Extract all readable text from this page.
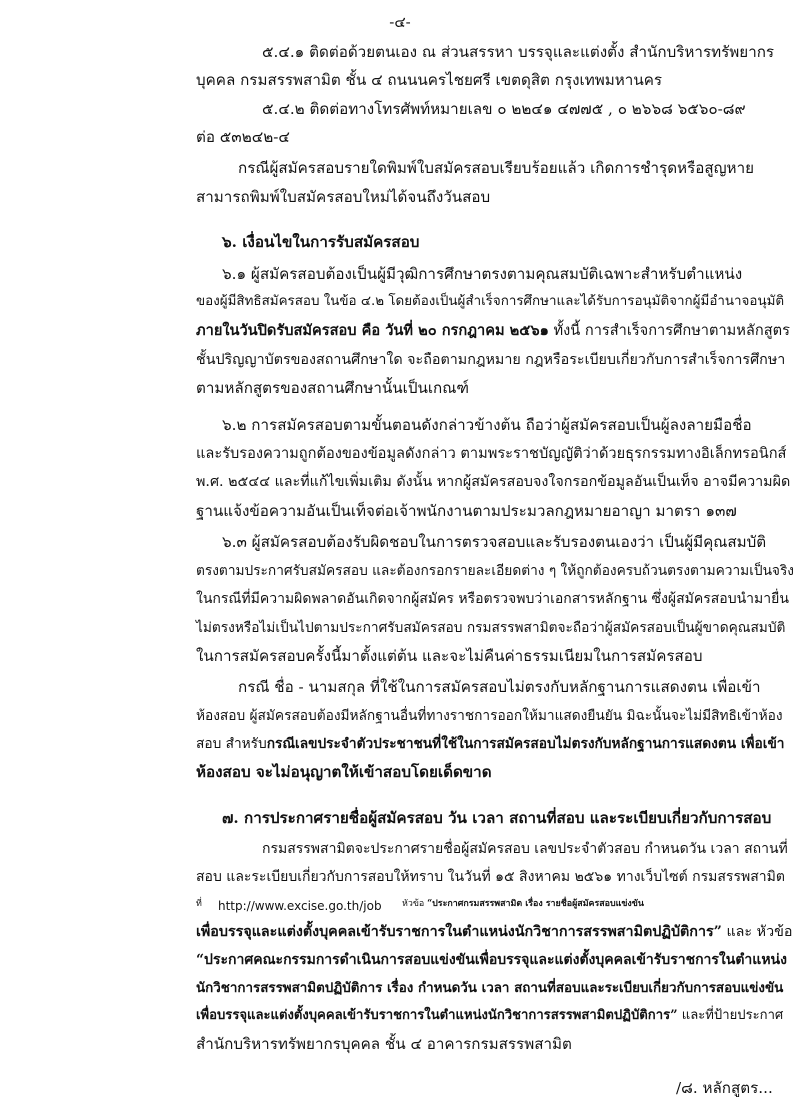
-๔-
๕.๔.๑ ติดต่อด้วยตนเอง ณ ส่วนสรรหา บรรจุและแต่งตั้ง สำนักบริหารทรัพยากร
บุคคล กรมสรรพสามิต ชั้น ๔ ถนนนครไชยศรี เขตดุสิต กรุงเทพมหานคร
๕.๔.๒ ติดต่อทางโทรศัพท์หมายเลข ๐ ๒๒๔๑ ๔๗๗๕ , ๐ ๒๖๖๘ ๖๕๖๐-๘๙
ต่อ ๕๓๒๔๒-๔
กรณีผู้สมัครสอบรายใดพิมพ์ใบสมัครสอบเรียบร้อยแล้ว เกิดการชำรุดหรือสูญหาย
สามารถพิมพ์ใบสมัครสอบใหม่ได้จนถึงวันสอบ
๖. เงื่อนไขในการรับสมัครสอบ
๖.๑ ผู้สมัครสอบต้องเป็นผู้มีวุฒิการศึกษาตรงตามคุณสมบัติเฉพาะสำหรับตำแหน่ง
ของผู้มีสิทธิสมัครสอบ ในข้อ ๔.๒ โดยต้องเป็นผู้สำเร็จการศึกษาและได้รับการอนุมัติจากผู้มีอำนาจอนุมัติ
ภายในวันปิดรับสมัครสอบ คือ วันที่ ๒๐ กรกฎาคม ๒๕๖๑ ทั้งนี้ การสำเร็จการศึกษาตามหลักสูตร
ชั้นปริญญาบัตรของสถานศึกษาใด จะถือตามกฎหมาย กฎหรือระเบียบเกี่ยวกับการสำเร็จการศึกษา
ตามหลักสูตรของสถานศึกษานั้นเป็นเกณฑ์
๖.๒ การสมัครสอบตามขั้นตอนดังกล่าวข้างต้น ถือว่าผู้สมัครสอบเป็นผู้ลงลายมือชื่อ
และรับรองความถูกต้องของข้อมูลดังกล่าว ตามพระราชบัญญัติว่าด้วยธุรกรรมทางอิเล็กทรอนิกส์
พ.ศ. ๒๕๔๔ และที่แก้ไขเพิ่มเติม ดังนั้น หากผู้สมัครสอบจงใจกรอกข้อมูลอันเป็นเท็จ อาจมีความผิด
ฐานแจ้งข้อความอันเป็นเท็จต่อเจ้าพนักงานตามประมวลกฎหมายอาญา มาตรา ๑๓๗
๖.๓ ผู้สมัครสอบต้องรับผิดชอบในการตรวจสอบและรับรองตนเองว่า เป็นผู้มีคุณสมบัติ
ตรงตามประกาศรับสมัครสอบ และต้องกรอกรายละเอียดต่าง ๆ ให้ถูกต้องครบถ้วนตรงตามความเป็นจริง
ในกรณีที่มีความผิดพลาดอันเกิดจากผู้สมัคร หรือตรวจพบว่าเอกสารหลักฐาน ซึ่งผู้สมัครสอบนำมายื่น
ไม่ตรงหรือไม่เป็นไปตามประกาศรับสมัครสอบ กรมสรรพสามิตจะถือว่าผู้สมัครสอบเป็นผู้ขาดคุณสมบัติ
ในการสมัครสอบครั้งนี้มาตั้งแต่ต้น และจะไม่คืนค่าธรรมเนียมในการสมัครสอบ
กรณี ชื่อ - นามสกุล ที่ใช้ในการสมัครสอบไม่ตรงกับหลักฐานการแสดงตน เพื่อเข้า
ห้องสอบ ผู้สมัครสอบต้องมีหลักฐานอื่นที่ทางราชการออกให้มาแสดงยืนยัน มิฉะนั้นจะไม่มีสิทธิเข้าห้อง
สอบ สำหรับกรณีเลขประจำตัวประชาชนที่ใช้ในการสมัครสอบไม่ตรงกับหลักฐานการแสดงตน เพื่อเข้า
ห้องสอบ จะไม่อนุญาตให้เข้าสอบโดยเด็ดขาด
๗. การประกาศรายชื่อผู้สมัครสอบ วัน เวลา สถานที่สอบ และระเบียบเกี่ยวกับการสอบ
กรมสรรพสามิตจะประกาศรายชื่อผู้สมัครสอบ เลขประจำตัวสอบ กำหนดวัน เวลา สถานที่
สอบ และระเบียบเกี่ยวกับการสอบให้ทราบ ในวันที่ ๑๕ สิงหาคม ๒๕๖๑ ทางเว็บไซต์ กรมสรรพสามิต
ที่ http://www.excise.go.th/job หัวข้อ “ประกาศกรมสรรพสามิต เรื่อง รายชื่อผู้สมัครสอบแข่งขัน
เพื่อบรรจุและแต่งตั้งบุคคลเข้ารับราชการในตำแหน่งนักวิชาการสรรพสามิตปฏิบัติการ” และ หัวข้อ
“ประกาศคณะกรรมการดำเนินการสอบแข่งขันเพื่อบรรจุและแต่งตั้งบุคคลเข้ารับราชการในตำแหน่ง
นักวิชาการสรรพสามิตปฏิบัติการ เรื่อง กำหนดวัน เวลา สถานที่สอบและระเบียบเกี่ยวกับการสอบแข่งขัน
เพื่อบรรจุและแต่งตั้งบุคคลเข้ารับราชการในตำแหน่งนักวิชาการสรรพสามิตปฏิบัติการ” และที่ป้ายประกาศ
สำนักบริหารทรัพยากรบุคคล ชั้น ๔ อาคารกรมสรรพสามิต
/๘. หลักสูตร...
